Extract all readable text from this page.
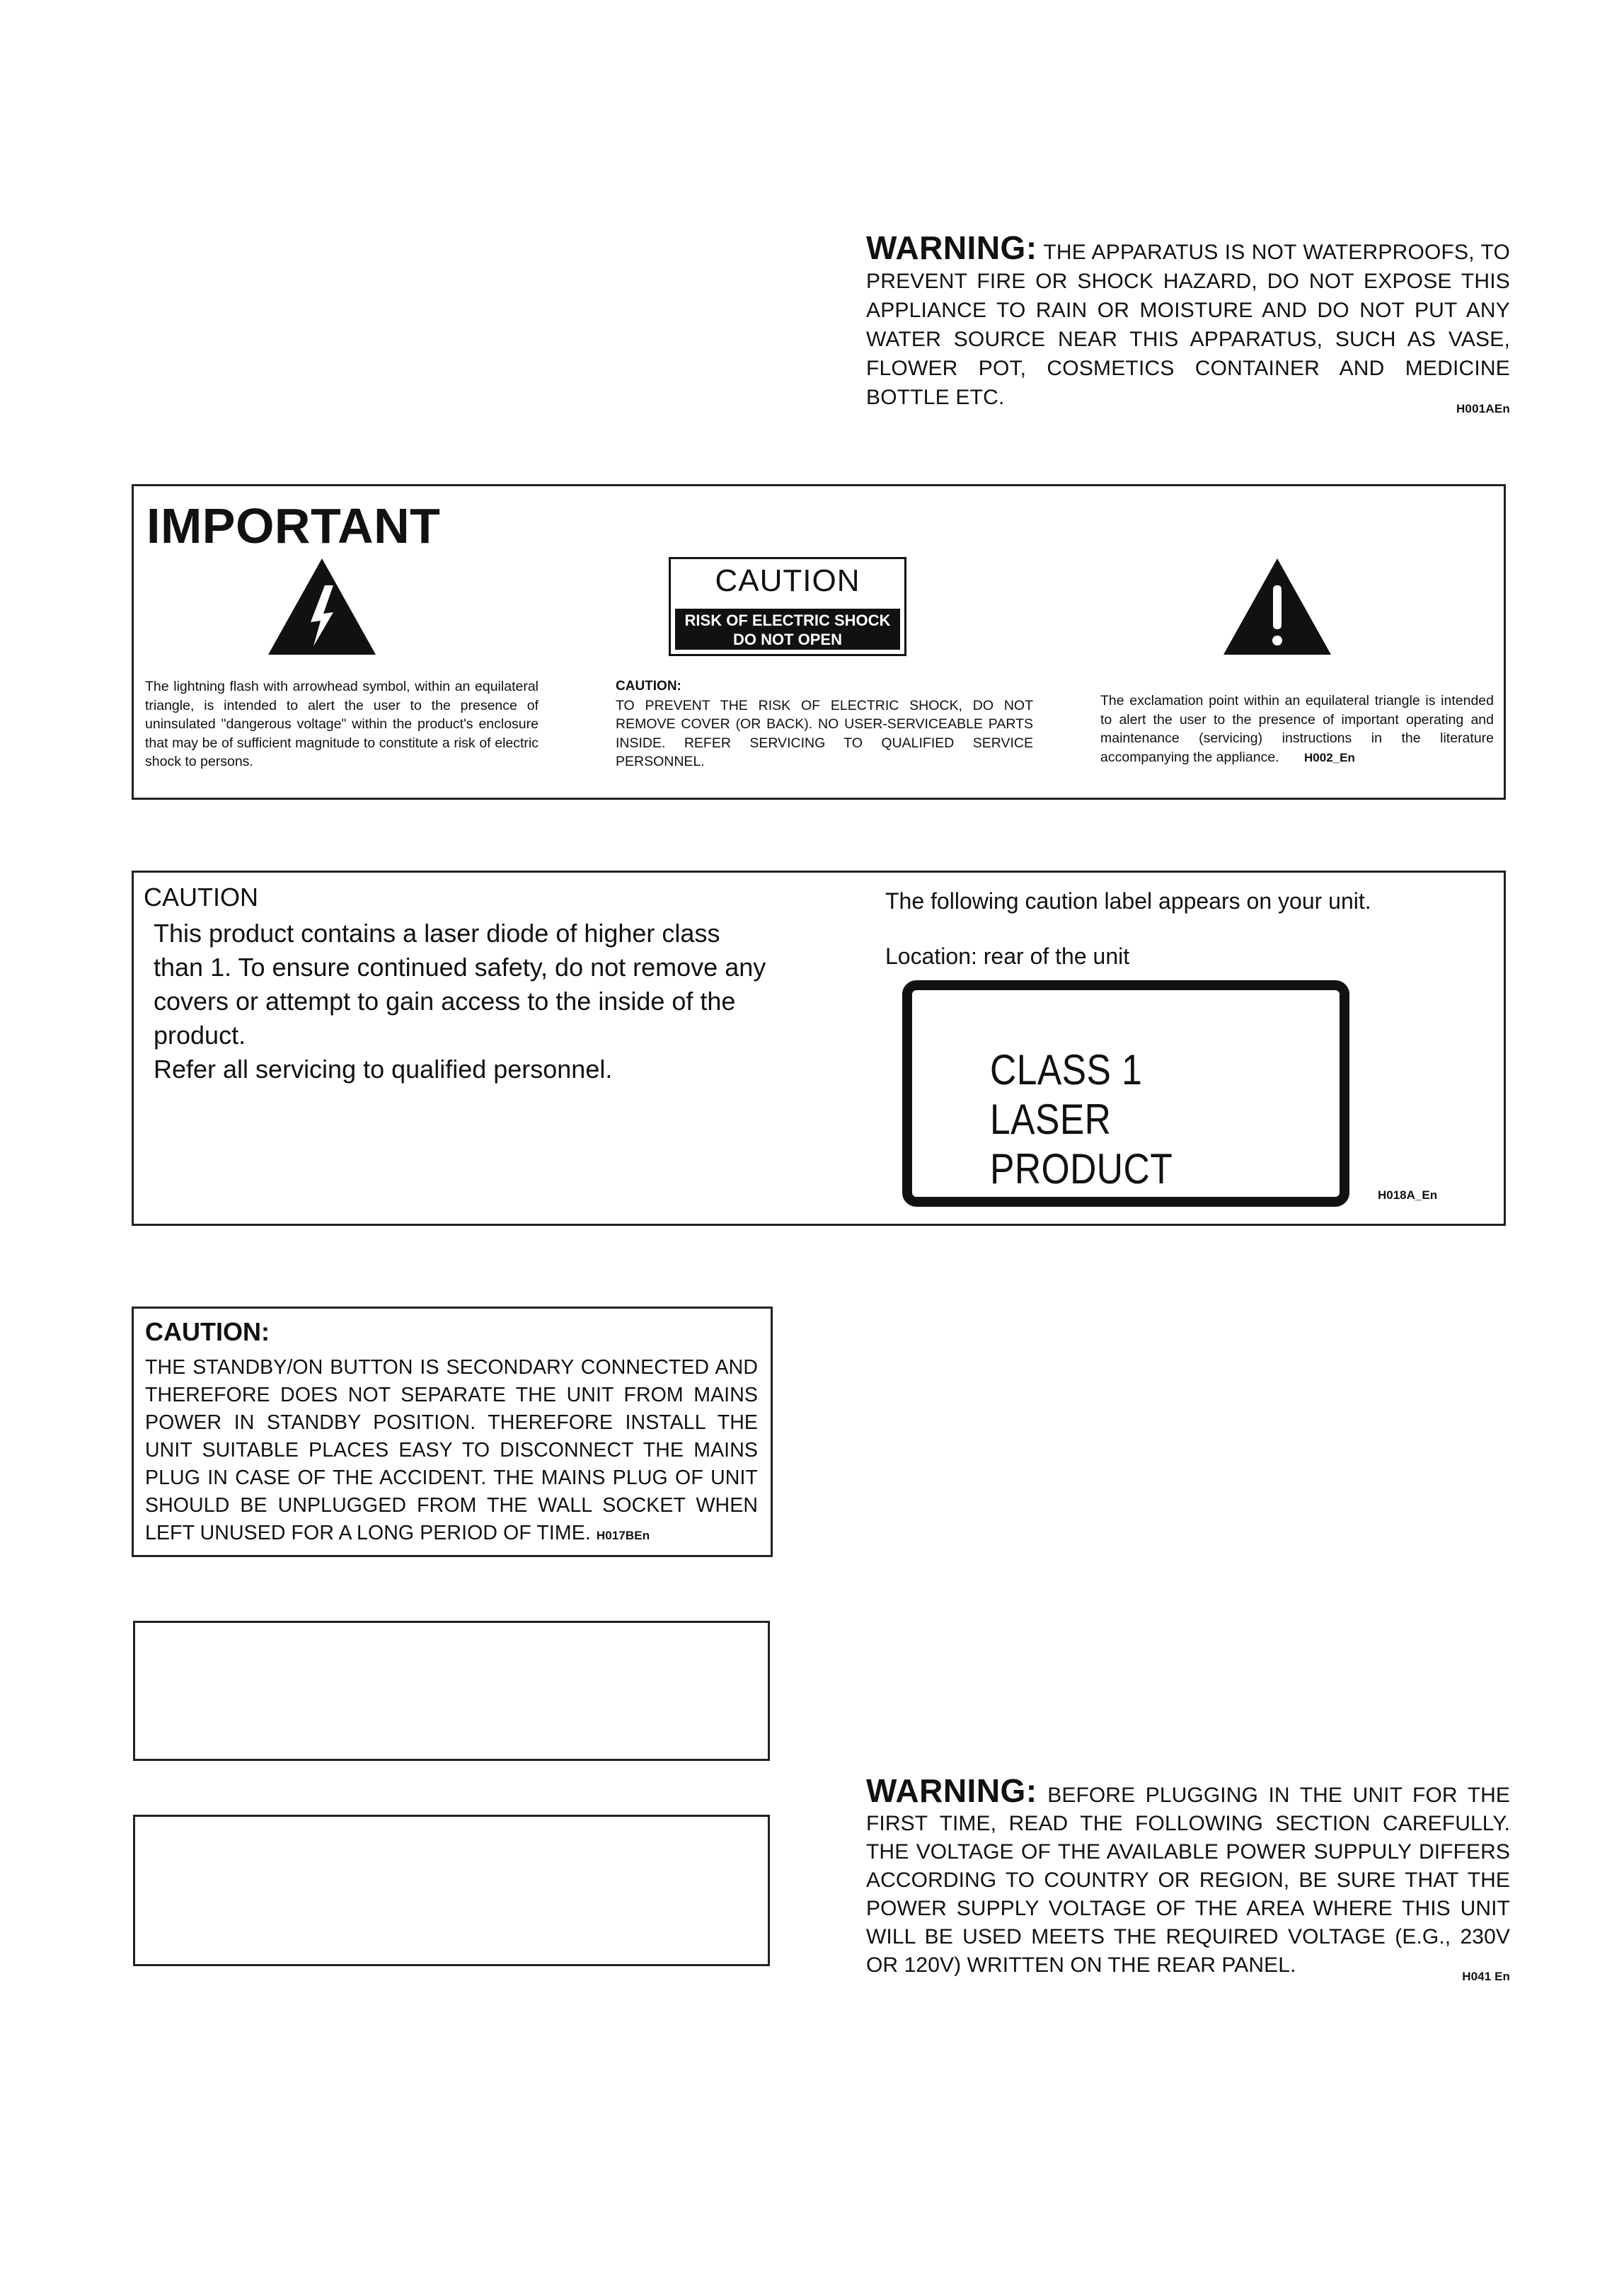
WARNING: THE APPARATUS IS NOT WATERPROOFS, TO PREVENT FIRE OR SHOCK HAZARD, DO NOT EXPOSE THIS APPLIANCE TO RAIN OR MOISTURE AND DO NOT PUT ANY WATER SOURCE NEAR THIS APPARATUS, SUCH AS VASE, FLOWER POT, COSMETICS CONTAINER AND MEDICINE BOTTLE ETC.	H001AEn
IMPORTANT
CAUTION
RISK OF ELECTRIC SHOCK
DO NOT OPEN
The lightning flash with arrowhead symbol, within an equilateral triangle, is intended to alert the user to the presence of uninsulated "dangerous voltage" within the product's enclosure that may be of sufficient magnitude to constitute a risk of electric shock to persons.
CAUTION:
TO PREVENT THE RISK OF ELECTRIC SHOCK, DO NOT REMOVE COVER (OR BACK). NO USER-SERVICEABLE PARTS INSIDE. REFER SERVICING TO QUALIFIED SERVICE PERSONNEL.
The exclamation point within an equilateral triangle is intended to alert the user to the presence of important operating and maintenance (servicing) instructions in the literature accompanying the appliance. H002_En
CAUTION
This product contains a laser diode of higher class than 1. To ensure continued safety, do not remove any covers or attempt to gain access to the inside of the product.
Refer all servicing to qualified personnel.
The following caution label appears on your unit.
Location: rear of the unit
CLASS 1
LASER PRODUCT
H018A_En
CAUTION:
THE STANDBY/ON BUTTON IS SECONDARY CONNECTED AND THEREFORE DOES NOT SEPARATE THE UNIT FROM MAINS POWER IN STANDBY POSITION. THEREFORE INSTALL THE UNIT SUITABLE PLACES EASY TO DISCONNECT THE MAINS PLUG IN CASE OF THE ACCIDENT. THE MAINS PLUG OF UNIT SHOULD BE UNPLUGGED FROM THE WALL SOCKET WHEN LEFT UNUSED FOR A LONG PERIOD OF TIME. H017BEn
WARNING: BEFORE PLUGGING IN THE UNIT FOR THE FIRST TIME, READ THE FOLLOWING SECTION CAREFULLY. THE VOLTAGE OF THE AVAILABLE POWER SUPPULY DIFFERS ACCORDING TO COUNTRY OR REGION, BE SURE THAT THE POWER SUPPLY VOLTAGE OF THE AREA WHERE THIS UNIT WILL BE USED MEETS THE REQUIRED VOLTAGE (E.G., 230V OR 120V) WRITTEN ON THE REAR PANEL.	H041 En
